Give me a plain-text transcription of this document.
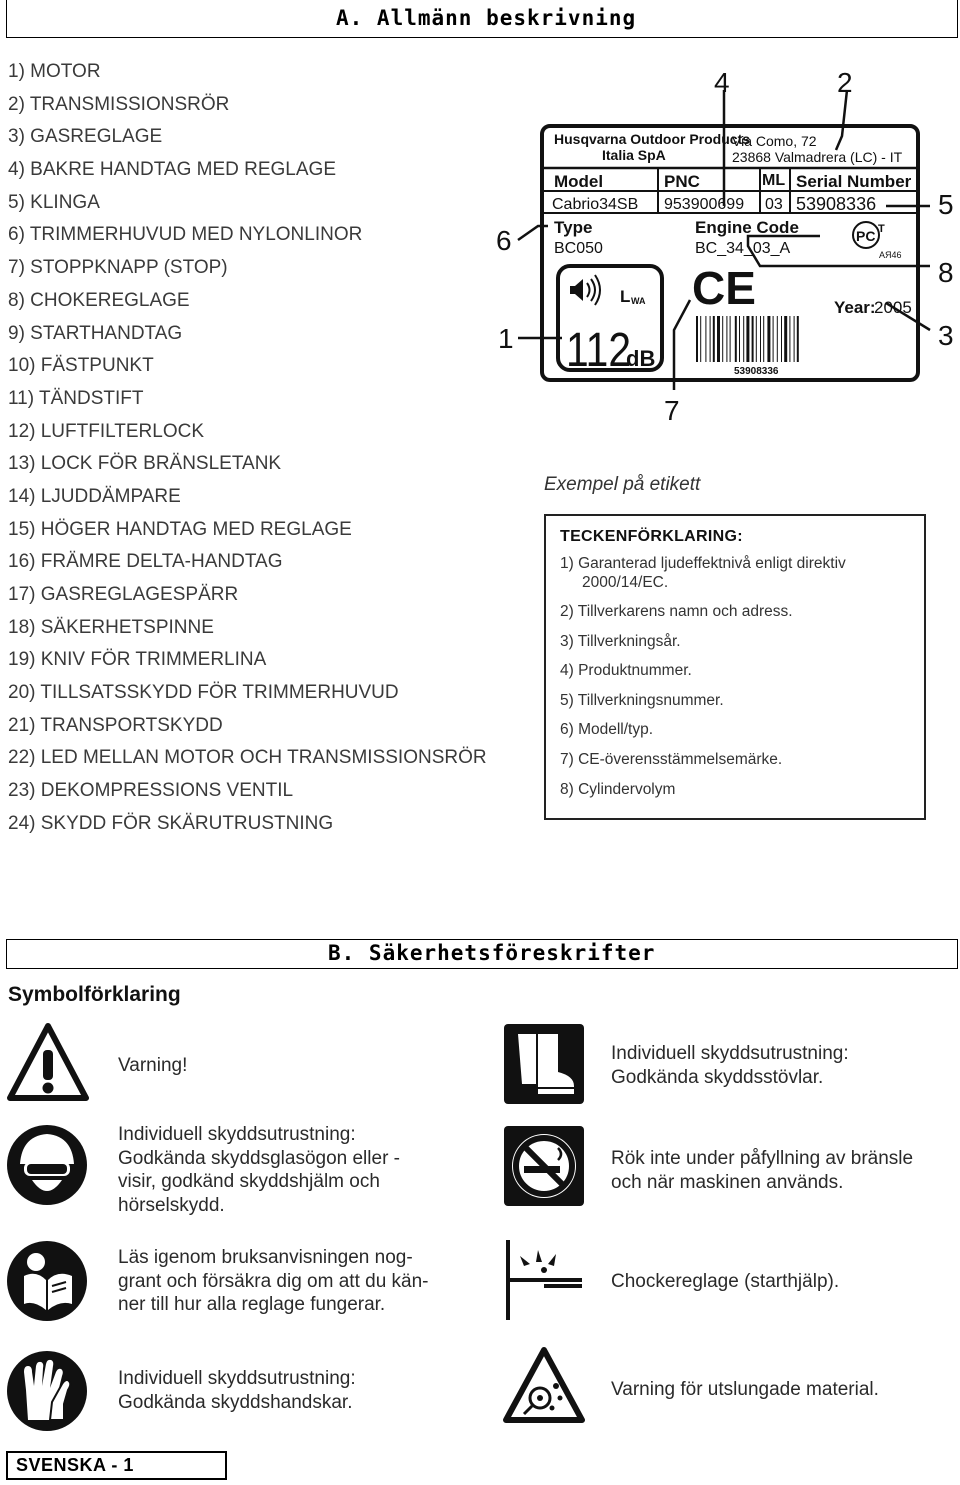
A. Allmänn beskrivning
1) MOTOR
2) TRANSMISSIONSRÖR
3) GASREGLAGE
4) BAKRE HANDTAG MED REGLAGE
5) KLINGA
6) TRIMMERHUVUD MED NYLONLINOR
7) STOPPKNAPP (STOP)
8) CHOKEREGLAGE
9) STARTHANDTAG
10) FÄSTPUNKT
11) TÄNDSTIFT
12) LUFTFILTERLOCK
13) LOCK FÖR BRÄNSLETANK
14) LJUDDÄMPARE
15) HÖGER HANDTAG MED REGLAGE
16) FRÄMRE DELTA-HANDTAG
17) GASREGLAGESPÄRR
18) SÄKERHETSPINNE
19) KNIV FÖR TRIMMERLINA
20) TILLSATSSKYDD FÖR TRIMMERHUVUD
21) TRANSPORTSKYDD
22) LED MELLAN MOTOR OCH TRANSMISSIONSRÖR
23) DEKOMPRESSIONS VENTIL
24) SKYDD FÖR SKÄRUTRUSTNING
Husqvarna Outdoor Products
Italia SpA
Via Como, 72
23868 Valmadrera (LC) - IT
Model	PNC	ML Serial Number
Cabrio34SB 953900699 03 53908336
Type
BC050
Engine Code
BC_34_03_A
PC T
AЯ46
L WA
112
dB
CE	Year:
2005
53908336
4	2
5
8
3
6
1
7
Exempel på etikett
TECKENFÖRKLARING:
1) Garanterad ljudeffektnivå enligt direktiv
2000/14/EC.
2) Tillverkarens namn och adress.
3) Tillverkningsår.
4) Produktnummer.
5) Tillverkningsnummer.
6) Modell/typ.
7) CE-överensstämmelsemärke.
8) Cylindervolym
B. Säkerhetsföreskrifter
Symbolförklaring
Varning!
Individuell skyddsutrustning:
Godkända skyddsglasögon eller -
visir, godkänd skyddshjälm och
hörselskydd.
Läs igenom bruksanvisningen nog-
grant och försäkra dig om att du kän-
ner till hur alla reglage fungerar.
Individuell skyddsutrustning:
Godkända skyddshandskar.
Individuell skyddsutrustning:
Godkända skyddsstövlar.
Rök inte under påfyllning av bränsle
och när maskinen används.
Chockereglage (starthjälp).
Varning för utslungade material.
SVENSKA - 1
